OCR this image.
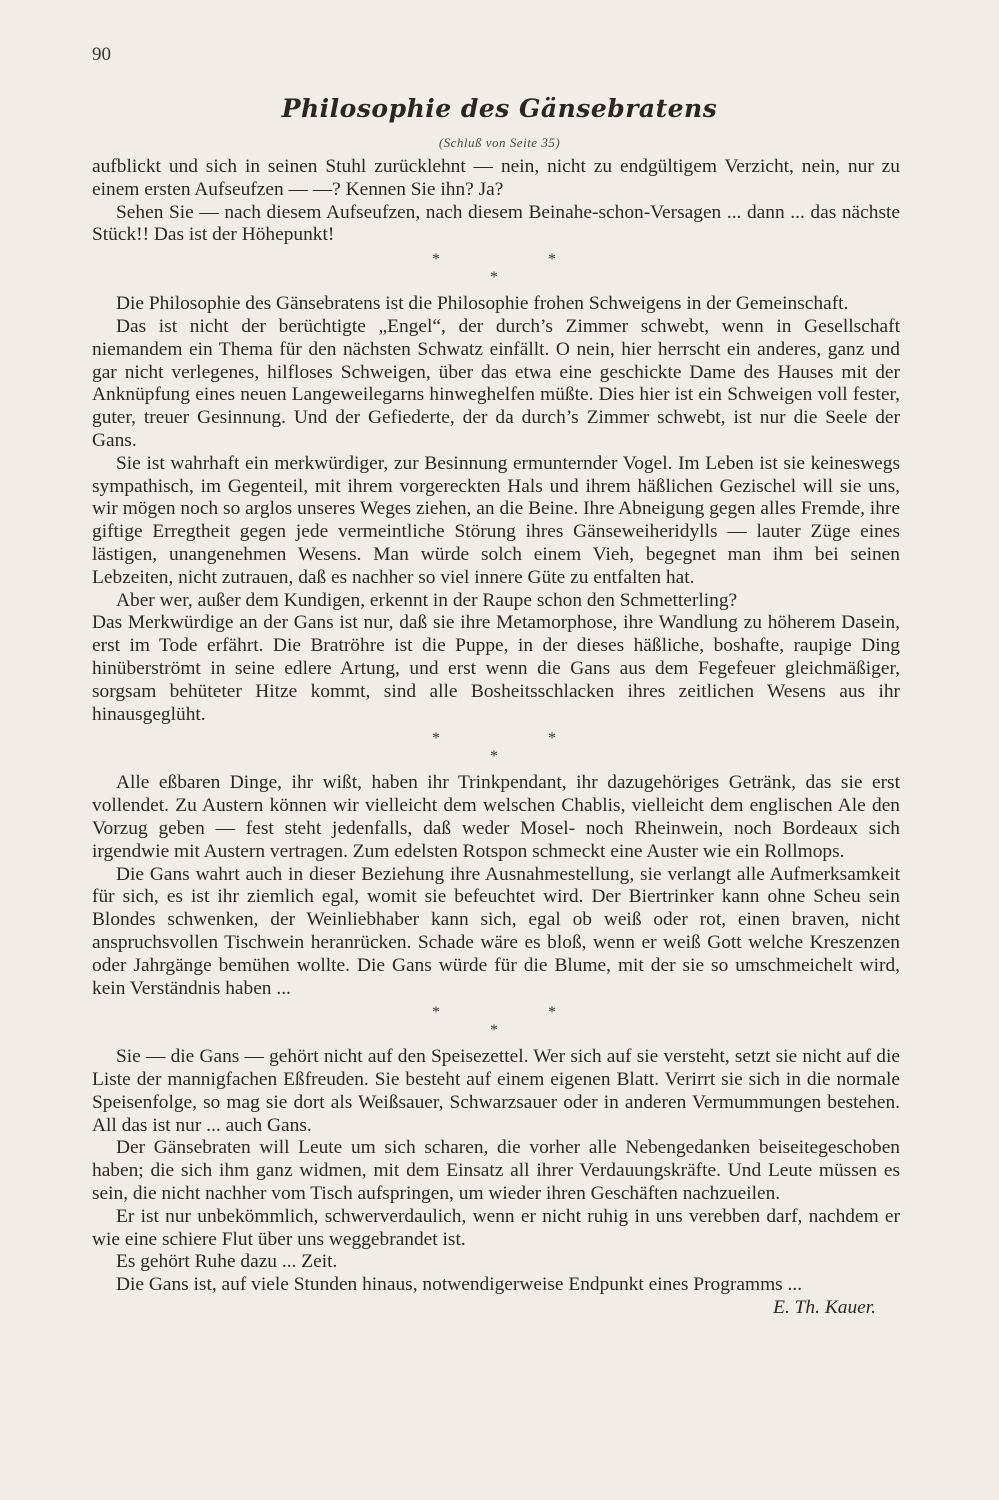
90
Philosophie des Gänsebratens
(Schluß von Seite 35)

aufblickt und sich in seinen Stuhl zurücklehnt — nein, nicht zu endgültigem Verzicht, nein, nur zu einem ersten Aufseufzen — —? Kennen Sie ihn? Ja?

Sehen Sie — nach diesem Aufseufzen, nach diesem Beinahe-schon-Versagen ... dann ... das nächste Stück!! Das ist der Höhepunkt!

*
*
*

Die Philosophie des Gänsebratens ist die Philosophie frohen Schweigens in der Gemeinschaft.

Das ist nicht der berüchtigte „Engel“, der durch’s Zimmer schwebt, wenn in Gesellschaft niemandem ein Thema für den nächsten Schwatz einfällt. O nein, hier herrscht ein anderes, ganz und gar nicht verlegenes, hilfloses Schweigen, über das etwa eine geschickte Dame des Hauses mit der Anknüpfung eines neuen Langeweilegarns hinweghelfen müßte. Dies hier ist ein Schweigen voll fester, guter, treuer Gesinnung. Und der Gefiederte, der da durch’s Zimmer schwebt, ist nur die Seele der Gans.

Sie ist wahrhaft ein merkwürdiger, zur Besinnung ermunternder Vogel. Im Leben ist sie keineswegs sympathisch, im Gegenteil, mit ihrem vorgereckten Hals und ihrem häßlichen Gezischel will sie uns, wir mögen noch so arglos unseres Weges ziehen, an die Beine. Ihre Abneigung gegen alles Fremde, ihre giftige Erregtheit gegen jede vermeintliche Störung ihres Gänseweiheridylls — lauter Züge eines lästigen, unangenehmen Wesens. Man würde solch einem Vieh, begegnet man ihm bei seinen Lebzeiten, nicht zutrauen, daß es nachher so viel innere Güte zu entfalten hat.

Aber wer, außer dem Kundigen, erkennt in der Raupe schon den Schmetterling?

Das Merkwürdige an der Gans ist nur, daß sie ihre Metamorphose, ihre Wandlung zu höherem Dasein, erst im Tode erfährt. Die Bratröhre ist die Puppe, in der dieses häßliche, boshafte, raupige Ding hinüberströmt in seine edlere Artung, und erst wenn die Gans aus dem Fegefeuer gleichmäßiger, sorgsam behüteter Hitze kommt, sind alle Bosheitsschlacken ihres zeitlichen Wesens aus ihr hinausgeglüht.

*
*
*

Alle eßbaren Dinge, ihr wißt, haben ihr Trinkpendant, ihr dazugehöriges Getränk, das sie erst vollendet. Zu Austern können wir vielleicht dem welschen Chablis, vielleicht dem englischen Ale den Vorzug geben — fest steht jedenfalls, daß weder Mosel- noch Rheinwein, noch Bordeaux sich irgendwie mit Austern vertragen. Zum edelsten Rotspon schmeckt eine Auster wie ein Rollmops.

Die Gans wahrt auch in dieser Beziehung ihre Ausnahmestellung, sie verlangt alle Aufmerksamkeit für sich, es ist ihr ziemlich egal, womit sie befeuchtet wird. Der Biertrinker kann ohne Scheu sein Blondes schwenken, der Weinliebhaber kann sich, egal ob weiß oder rot, einen braven, nicht anspruchsvollen Tischwein heranrücken. Schade wäre es bloß, wenn er weiß Gott welche Kreszenzen oder Jahrgänge bemühen wollte. Die Gans würde für die Blume, mit der sie so umschmeichelt wird, kein Verständnis haben ...

*
*
*

Sie — die Gans — gehört nicht auf den Speisezettel. Wer sich auf sie versteht, setzt sie nicht auf die Liste der mannigfachen Eßfreuden. Sie besteht auf einem eigenen Blatt. Verirrt sie sich in die normale Speisenfolge, so mag sie dort als Weißsauer, Schwarzsauer oder in anderen Vermummungen bestehen. All das ist nur ... auch Gans.

Der Gänsebraten will Leute um sich scharen, die vorher alle Nebengedanken beiseitegeschoben haben; die sich ihm ganz widmen, mit dem Einsatz all ihrer Verdauungskräfte. Und Leute müssen es sein, die nicht nachher vom Tisch aufspringen, um wieder ihren Geschäften nachzueilen.

Er ist nur unbekömmlich, schwerverdaulich, wenn er nicht ruhig in uns verebben darf, nachdem er wie eine schiere Flut über uns weggebrandet ist.

Es gehört Ruhe dazu ... Zeit.

Die Gans ist, auf viele Stunden hinaus, notwendigerweise Endpunkt eines Programms ...
E. Th. Kauer.
